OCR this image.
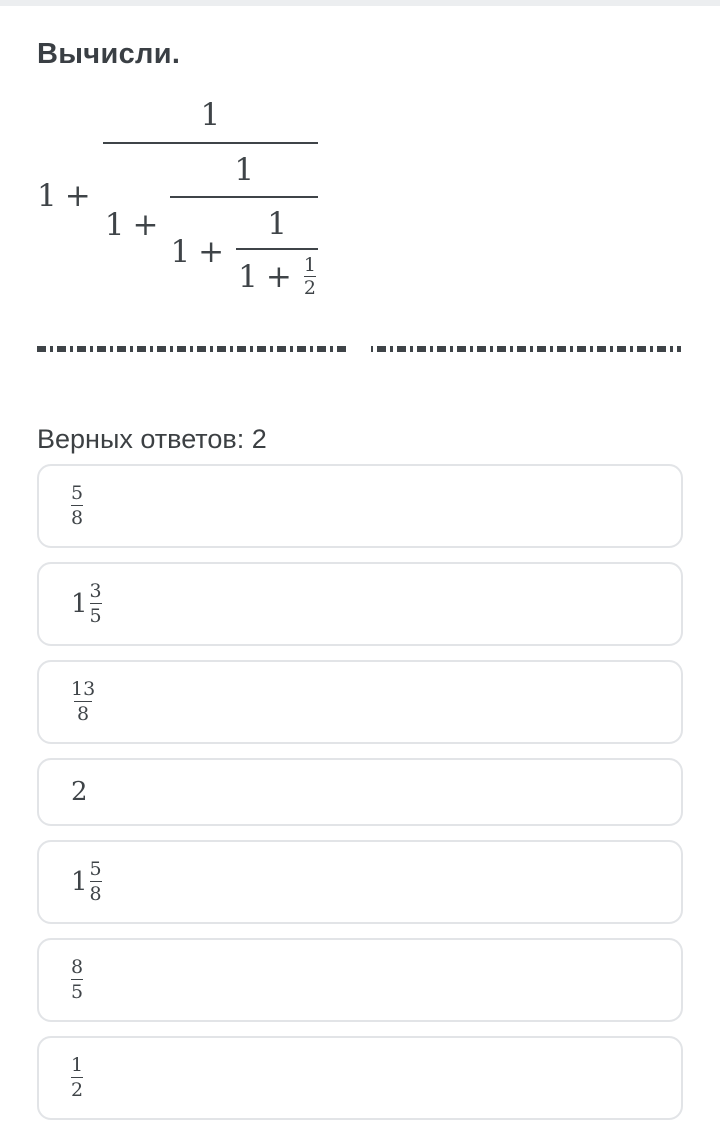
Вычисли.
1 +
1
1 +
1
1 +
1
$1 + \frac{1}{2}$
Верных ответов: 2
$\frac{5}{8}$
$1 \frac{3}{5}$
$\frac{13}{8}$
2
$1 \frac{5}{8}$
$\frac{8}{5}$
$\frac{1}{2}$
